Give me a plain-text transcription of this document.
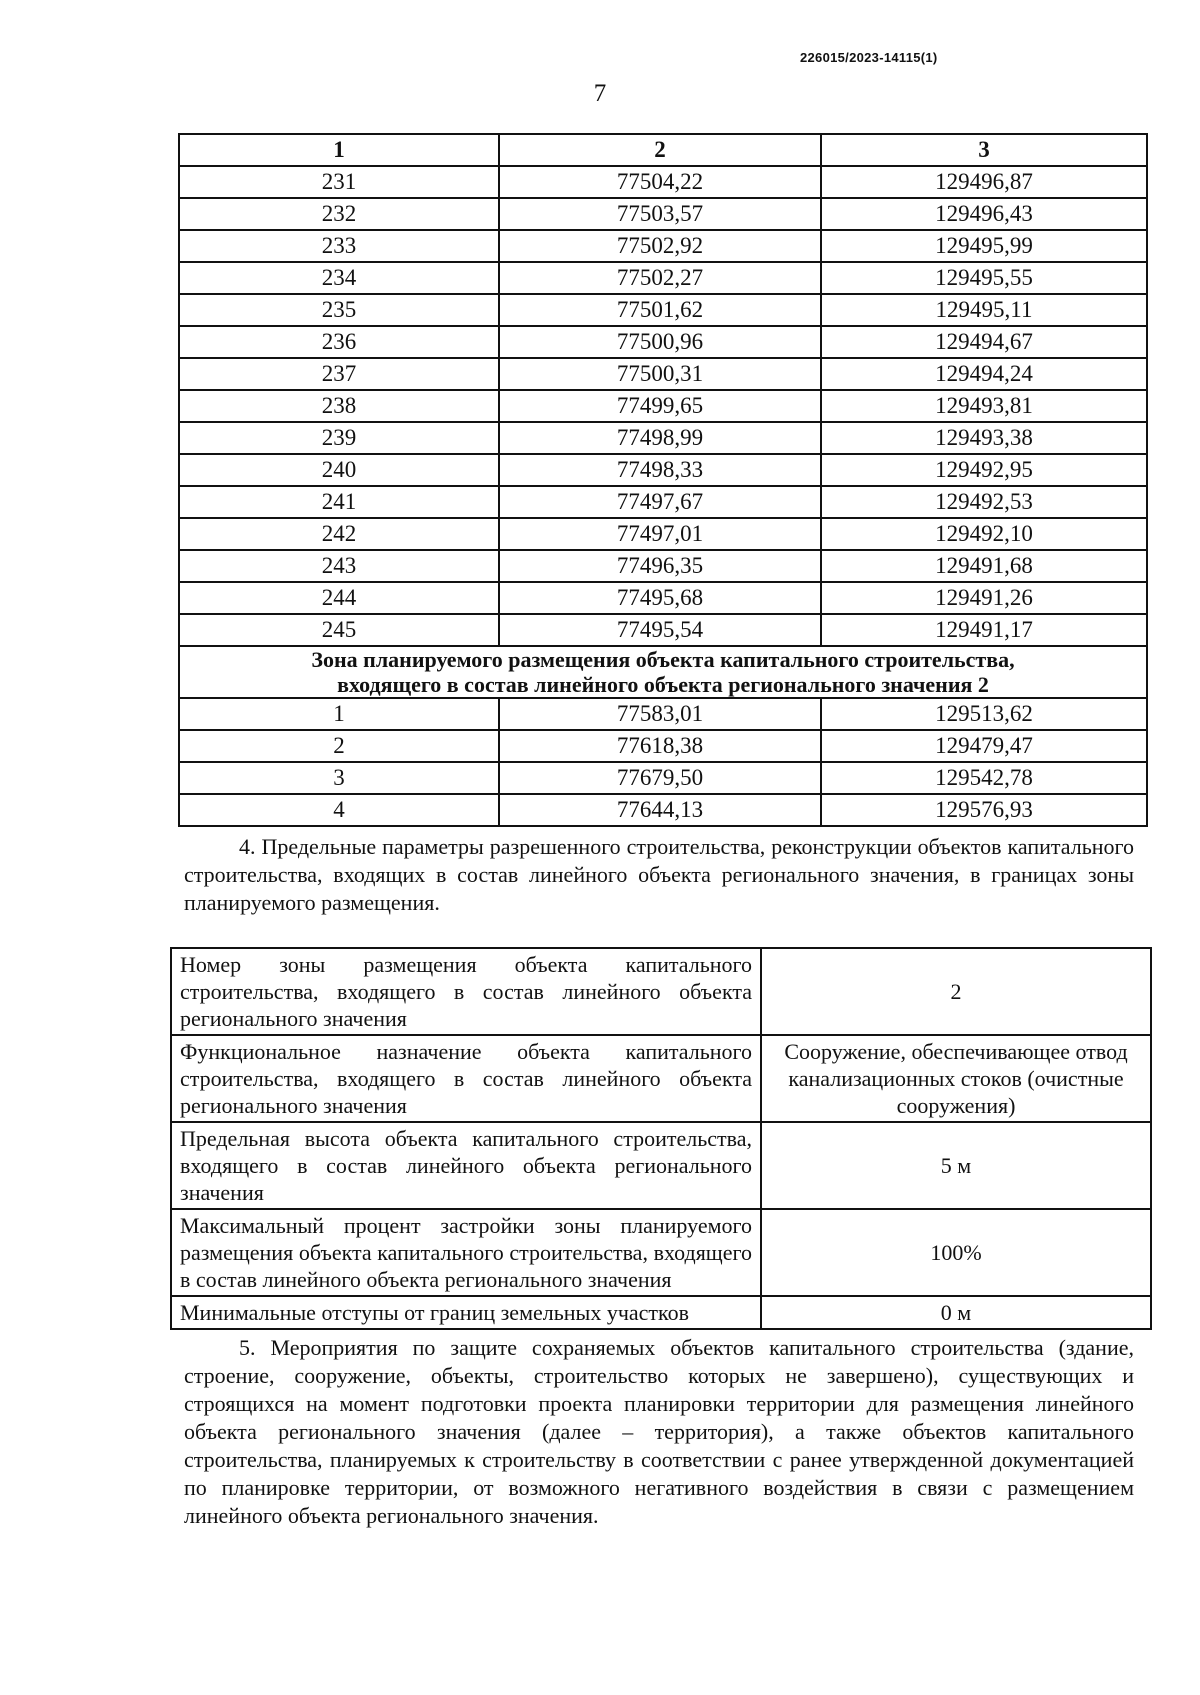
226015/2023-14115(1)
7
1	2	3
231	77504,22	129496,87
232	77503,57	129496,43
233	77502,92	129495,99
234	77502,27	129495,55
235	77501,62	129495,11
236	77500,96	129494,67
237	77500,31	129494,24
238	77499,65	129493,81
239	77498,99	129493,38
240	77498,33	129492,95
241	77497,67	129492,53
242	77497,01	129492,10
243	77496,35	129491,68
244	77495,68	129491,26
245	77495,54	129491,17

Зона планируемого размещения объекта капитального строительства,
входящего в состав линейного объекта регионального значения 2		

1	77583,01	129513,62
2	77618,38	129479,47
3	77679,50	129542,78
4	77644,13	129576,93
4. Предельные параметры разрешенного строительства, реконструкции объектов капитального строительства, входящих в состав линейного объекта регионального значения, в границах зоны планируемого размещения.
Номер зоны размещения объекта капитального строительства, входящего в состав линейного объекта регионального значения	2
Функциональное назначение объекта капитального строительства, входящего в состав линейного объекта регионального значения	Сооружение, обеспечивающее отвод канализационных стоков (очистные сооружения)
Предельная высота объекта капитального строительства, входящего в состав линейного объекта регионального значения	5 м
Максимальный процент застройки зоны планируемого размещения объекта капитального строительства, входящего в состав линейного объекта регионального значения	100%
Минимальные отступы от границ земельных участков	0 м
5. Мероприятия по защите сохраняемых объектов капитального строительства (здание, строение, сооружение, объекты, строительство которых не завершено), существующих и строящихся на момент подготовки проекта планировки территории для размещения линейного объекта регионального значения (далее – территория), а также объектов капитального строительства, планируемых к строительству в соответствии с ранее утвержденной документацией по планировке территории, от возможного негативного воздействия в связи с размещением линейного объекта регионального значения.
